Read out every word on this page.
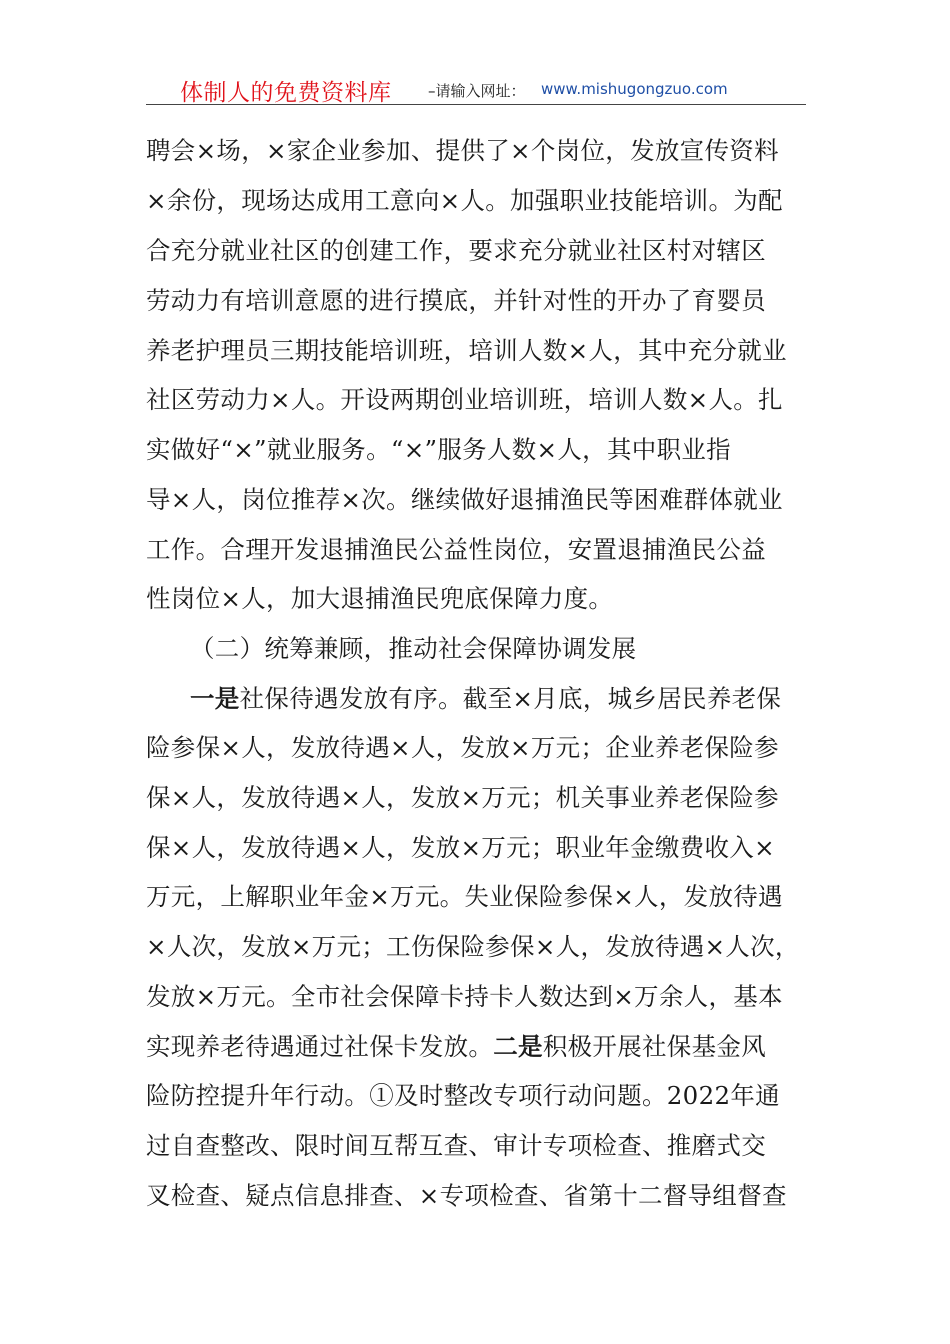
体制人的免费资料库 –请输入网址： www.mishugongzuo.com
聘会×场，×家企业参加、提供了×个岗位，发放宣传资料
×余份，现场达成用工意向×人。加强职业技能培训。为配
合充分就业社区的创建工作，要求充分就业社区村对辖区
劳动力有培训意愿的进行摸底，并针对性的开办了育婴员
养老护理员三期技能培训班，培训人数×人，其中充分就业
社区劳动力×人。开设两期创业培训班，培训人数×人。扎
实做好“×”就业服务。“×”服务人数×人，其中职业指
导×人，岗位推荐×次。继续做好退捕渔民等困难群体就业
工作。合理开发退捕渔民公益性岗位，安置退捕渔民公益
性岗位×人，加大退捕渔民兜底保障力度。
（二）统筹兼顾，推动社会保障协调发展
一是社保待遇发放有序。截至×月底，城乡居民养老保
险参保×人，发放待遇×人，发放×万元；企业养老保险参
保×人，发放待遇×人，发放×万元；机关事业养老保险参
保×人，发放待遇×人，发放×万元；职业年金缴费收入×
万元，上解职业年金×万元。失业保险参保×人，发放待遇
×人次，发放×万元；工伤保险参保×人，发放待遇×人次，
发放×万元。全市社会保障卡持卡人数达到×万余人，基本
实现养老待遇通过社保卡发放。二是积极开展社保基金风
险防控提升年行动。①及时整改专项行动问题。2022年通
过自查整改、限时间互帮互查、审计专项检查、推磨式交
叉检查、疑点信息排查、×专项检查、省第十二督导组督查
